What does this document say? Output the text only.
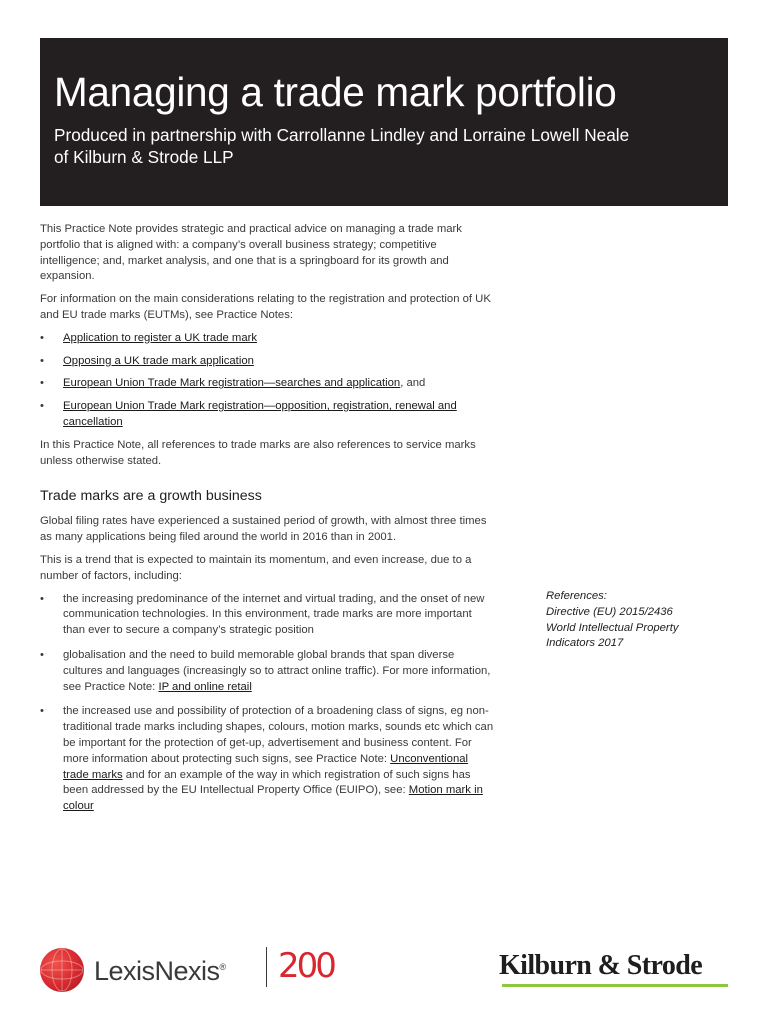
Managing a trade mark portfolio
Produced in partnership with Carrollanne Lindley and Lorraine Lowell Neale
of Kilburn & Strode LLP

This Practice Note provides strategic and practical advice on managing a trade mark portfolio that is aligned with: a company’s overall business strategy; competitive intelligence; and, market analysis, and one that is a springboard for its growth and expansion.

For information on the main considerations relating to the registration and protection of UK and EU trade marks (EUTMs), see Practice Notes:

• Application to register a UK trade mark
• Opposing a UK trade mark application
• European Union Trade Mark registration—searches and application, and
• European Union Trade Mark registration—opposition, registration, renewal and cancellation

In this Practice Note, all references to trade marks are also references to service marks unless otherwise stated.

Trade marks are a growth business

Global filing rates have experienced a sustained period of growth, with almost three times as many applications being filed around the world in 2016 than in 2001.

This is a trend that is expected to maintain its momentum, and even increase, due to a number of factors, including:

• the increasing predominance of the internet and virtual trading, and the onset of new communication technologies. In this environment, trade marks are more important than ever to secure a company’s strategic position
• globalisation and the need to build memorable global brands that span diverse cultures and languages (increasingly so to attract online traffic). For more information, see Practice Note: IP and online retail
• the increased use and possibility of protection of a broadening class of signs, eg non-traditional trade marks including shapes, colours, motion marks, sounds etc which can be important for the protection of get-up, advertisement and business content. For more information about protecting such signs, see Practice Note: Unconventional trade marks and for an example of the way in which registration of such signs has been addressed by the EU Intellectual Property Office (EUIPO), see: Motion mark in colour
References:
Directive (EU) 2015/2436
World Intellectual Property Indicators 2017
LexisNexis® 200	Kilburn & Strode
